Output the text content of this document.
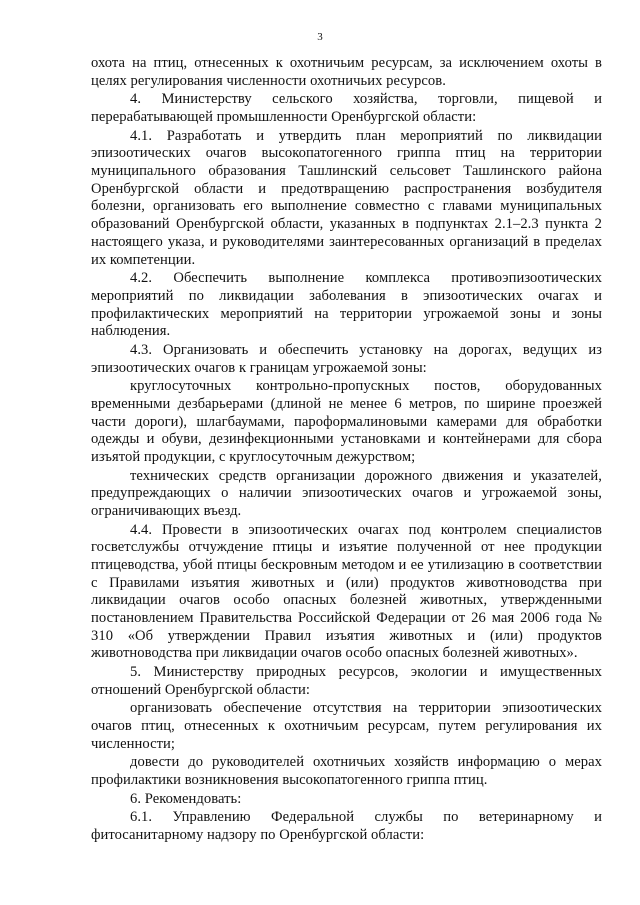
3

охота на птиц, отнесенных к охотничьим ресурсам, за исключением охоты в целях регулирования численности охотничьих ресурсов.

4. Министерству сельского хозяйства, торговли, пищевой и перерабатывающей промышленности Оренбургской области:

4.1. Разработать и утвердить план мероприятий по ликвидации эпизоотических очагов высокопатогенного гриппа птиц на территории муниципального образования Ташлинский сельсовет Ташлинского района Оренбургской области и предотвращению распространения возбудителя болезни, организовать его выполнение совместно с главами муниципальных образований Оренбургской области, указанных в подпунктах 2.1–2.3 пункта 2 настоящего указа, и руководителями заинтересованных организаций в пределах их компетенции.

4.2. Обеспечить выполнение комплекса противоэпизоотических мероприятий по ликвидации заболевания в эпизоотических очагах и профилактических мероприятий на территории угрожаемой зоны и зоны наблюдения.

4.3. Организовать и обеспечить установку на дорогах, ведущих из эпизоотических очагов к границам угрожаемой зоны:

круглосуточных контрольно-пропускных постов, оборудованных временными дезбарьерами (длиной не менее 6 метров, по ширине проезжей части дороги), шлагбаумами, пароформалиновыми камерами для обработки одежды и обуви, дезинфекционными установками и контейнерами для сбора изъятой продукции, с круглосуточным дежурством;

технических средств организации дорожного движения и указателей, предупреждающих о наличии эпизоотических очагов и угрожаемой зоны, ограничивающих въезд.

4.4. Провести в эпизоотических очагах под контролем специалистов госветслужбы отчуждение птицы и изъятие полученной от нее продукции птицеводства, убой птицы бескровным методом и ее утилизацию в соответствии с Правилами изъятия животных и (или) продуктов животноводства при ликвидации очагов особо опасных болезней животных, утвержденными постановлением Правительства Российской Федерации от 26 мая 2006 года № 310 «Об утверждении Правил изъятия животных и (или) продуктов животноводства при ликвидации очагов особо опасных болезней животных».

5. Министерству природных ресурсов, экологии и имущественных отношений Оренбургской области:

организовать обеспечение отсутствия на территории эпизоотических очагов птиц, отнесенных к охотничьим ресурсам, путем регулирования их численности;

довести до руководителей охотничьих хозяйств информацию о мерах профилактики возникновения высокопатогенного гриппа птиц.

6. Рекомендовать:

6.1. Управлению Федеральной службы по ветеринарному и фитосанитарному надзору по Оренбургской области:
